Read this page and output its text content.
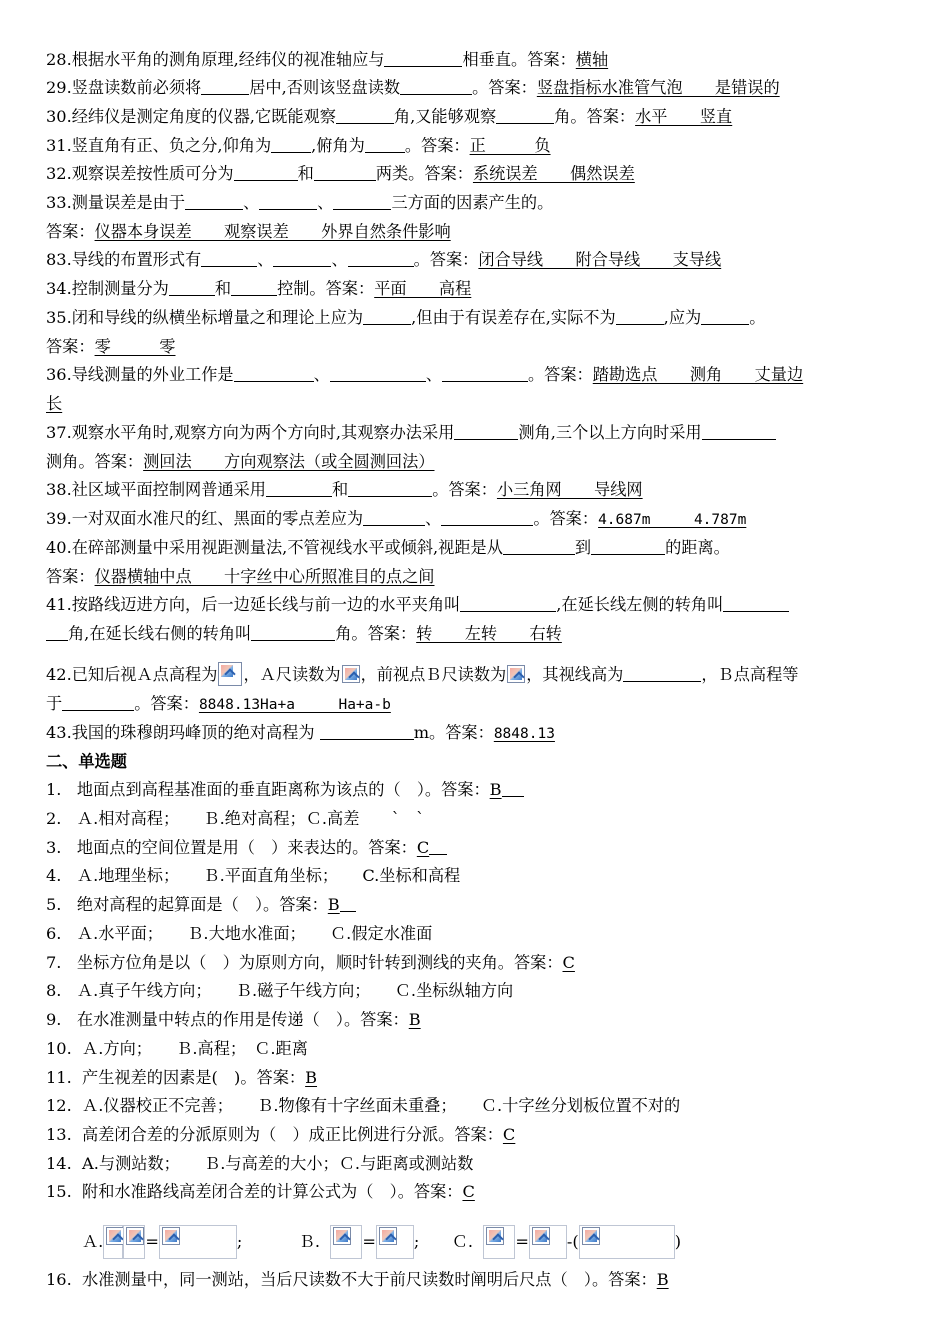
28.根据水平角的测角原理,经纬仪的视准轴应与	相垂直。答案：横轴
29.竖盘读数前必须将	居中,否则该竖盘读数	。答案：竖盘指标水准管气泡　　是错误的
30.经纬仪是测定角度的仪器,它既能观察	角,又能够观察	角。答案：水平　　竖直
31.竖直角有正、负之分,仰角为 ,俯角为 。答案：正　　　负
32.观察误差按性质可分为	和	两类。答案：系统误差　　偶然误差
33.测量误差是由于	、	、	三方面的因素产生的。
答案：仪器本身误差　　观察误差　　外界自然条件影响
83.导线的布置形式有	、	、	。答案：闭合导线　　附合导线　　支导线
34.控制测量分为	和	控制。答案：平面　　高程
35.闭和导线的纵横坐标增量之和理论上应为	,但由于有误差存在,实际不为	,应为	。
答案：零　　　零
36.导线测量的外业工作是	、	、	。答案：踏勘选点　　测角　　丈量边
长
37.观察水平角时,观察方向为两个方向时,其观察办法采用	测角,三个以上方向时采用
测角。答案：测回法　　方向观察法（或全圆测回法）
38.社区域平面控制网普通采用	和	。答案：小三角网　　导线网
39.一对双面水准尺的红、黑面的零点差应为	、	。答案：4.687m　　　4.787m
40.在碎部测量中采用视距测量法,不管视线水平或倾斜,视距是从	到	的距离。
答案：仪器横轴中点　　十字丝中心所照准目的点之间
41.按路线迈进方向，后一边延长线与前一边的水平夹角叫	,在延长线左侧的转角叫
角,在延长线右侧的转角叫	角。答案：转　　左转　　右转
42.已知后视Ａ点高程为 ，Ａ尺读数为 ，前视点Ｂ尺读数为 ，其视线高为	，Ｂ点高程等
于	。答案：8848.13Ha+a　　　Ha+a-b
43.我国的珠穆朗玛峰顶的绝对高程为	m。答案：8848.13
二、单选题
1. 地面点到高程基准面的垂直距离称为该点的（　）。答案：B
2. Ａ.相对高程；　　Ｂ.绝对高程；Ｃ.高差　　`　`
3. 地面点的空间位置是用（　）来表达的。答案：C
4. Ａ.地理坐标；　　Ｂ.平面直角坐标；　　C.坐标和高程
5. 绝对高程的起算面是（　）。答案：B
6. Ａ.水平面；　　Ｂ.大地水准面；　　Ｃ.假定水准面
7. 坐标方位角是以（　）为原则方向，顺时针转到测线的夹角。答案：C
8. Ａ.真子午线方向；　　Ｂ.磁子午线方向；　　Ｃ.坐标纵轴方向
9. 在水准测量中转点的作用是传递（　）。答案：B
10. Ａ.方向；　　Ｂ.高程；　Ｃ.距离
11. 产生视差的因素是(　)。答案：B
12. Ａ.仪器校正不完善；　　Ｂ.物像有十字丝面未重叠；　　Ｃ.十字丝分划板位置不对的
13. 高差闭合差的分派原则为（　）成正比例进行分派。答案：C
14. A.与测站数；　　Ｂ.与高差的大小；Ｃ.与距离或测站数
15. 附和水准路线高差闭合差的计算公式为（　）。答案：C
Ａ.	=	;	Ｂ.	= ; Ｃ.	= -(	)
16. 水准测量中，同一测站，当后尺读数不大于前尺读数时阐明后尺点（　）。答案：B
